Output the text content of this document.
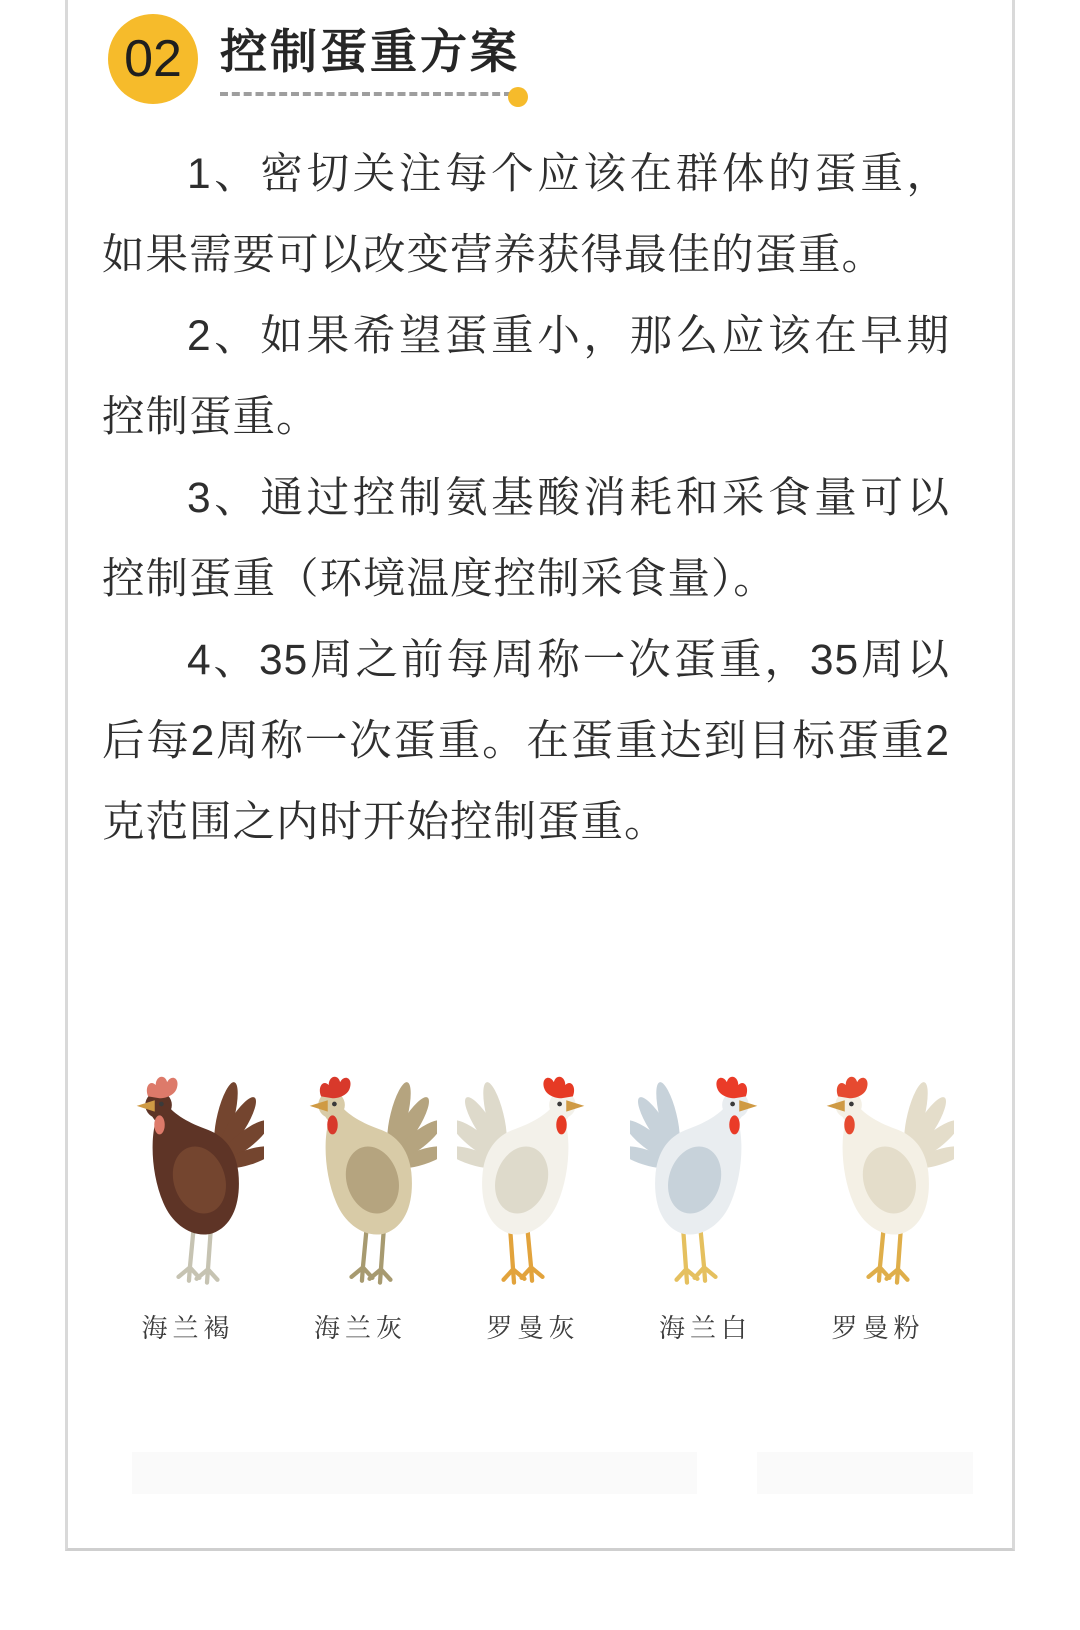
02 控制蛋重方案

1、密切关注每个应该在群体的蛋重，如果需要可以改变营养获得最佳的蛋重。

2、如果希望蛋重小，那么应该在早期控制蛋重。

3、通过控制氨基酸消耗和采食量可以控制蛋重（环境温度控制采食量）。

4、35周之前每周称一次蛋重，35周以后每2周称一次蛋重。在蛋重达到目标蛋重2克范围之内时开始控制蛋重。

海兰褐	海兰灰	罗曼灰	海兰白	罗曼粉
